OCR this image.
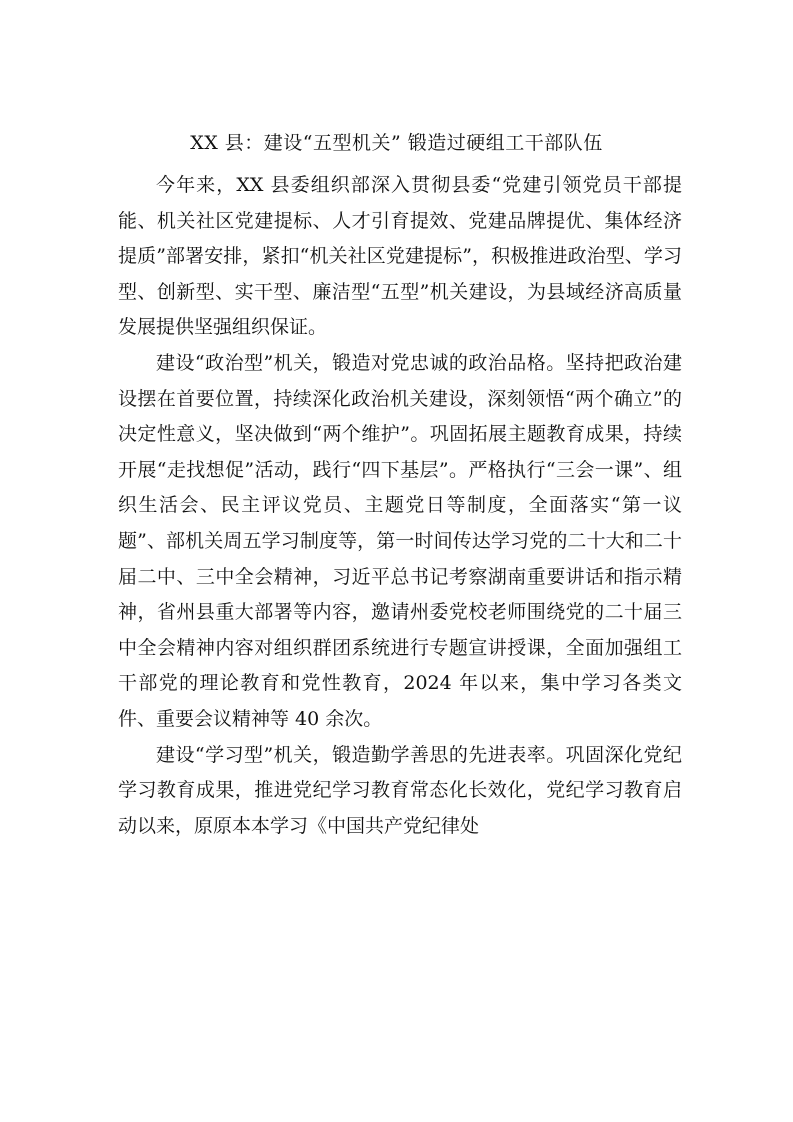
XX 县：建设“五型机关” 锻造过硬组工干部队伍

今年来，XX 县委组织部深入贯彻县委“党建引领党员干部提能、机关社区党建提标、人才引育提效、党建品牌提优、集体经济提质”部署安排，紧扣“机关社区党建提标”，积极推进政治型、学习型、创新型、实干型、廉洁型“五型”机关建设，为县域经济高质量发展提供坚强组织保证。

建设“政治型”机关，锻造对党忠诚的政治品格。坚持把政治建设摆在首要位置，持续深化政治机关建设，深刻领悟“两个确立”的决定性意义，坚决做到“两个维护”。巩固拓展主题教育成果，持续开展“走找想促”活动，践行“四下基层”。严格执行“三会一课”、组织生活会、民主评议党员、主题党日等制度，全面落实“第一议题”、部机关周五学习制度等，第一时间传达学习党的二十大和二十届二中、三中全会精神，习近平总书记考察湖南重要讲话和指示精神，省州县重大部署等内容，邀请州委党校老师围绕党的二十届三中全会精神内容对组织群团系统进行专题宣讲授课，全面加强组工干部党的理论教育和党性教育，2024 年以来，集中学习各类文件、重要会议精神等 40 余次。

建设“学习型”机关，锻造勤学善思的先进表率。巩固深化党纪学习教育成果，推进党纪学习教育常态化长效化，党纪学习教育启动以来，原原本本学习《中国共产党纪律处
